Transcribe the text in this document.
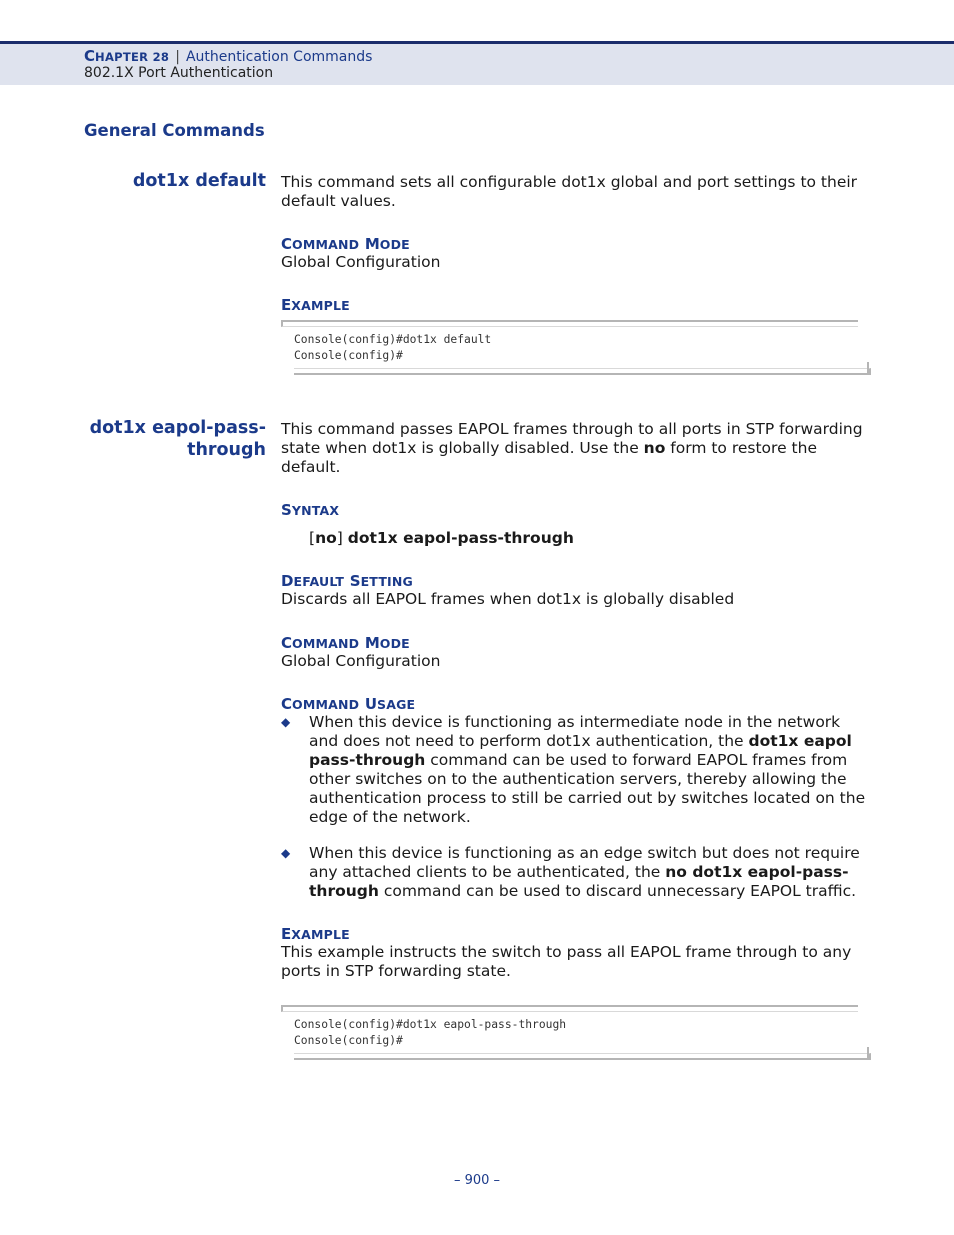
CHAPTER 28 | Authentication Commands
802.1X Port Authentication
General Commands
dot1x default This command sets all configurable dot1x global and port settings to their default values.
COMMAND MODE
Global Configuration
EXAMPLE
Console(config)#dot1x default
Console(config)#
dot1x eapol-pass-
through
This command passes EAPOL frames through to all ports in STP forwarding state when dot1x is globally disabled. Use the no form to restore the default.
SYNTAX
[no] dot1x eapol-pass-through
DEFAULT SETTING
Discards all EAPOL frames when dot1x is globally disabled
COMMAND MODE
Global Configuration
COMMAND USAGE
◆ When this device is functioning as intermediate node in the network and does not need to perform dot1x authentication, the dot1x eapol pass-through command can be used to forward EAPOL frames from other switches on to the authentication servers, thereby allowing the authentication process to still be carried out by switches located on the edge of the network.
◆ When this device is functioning as an edge switch but does not require any attached clients to be authenticated, the no dot1x eapol-pass-through command can be used to discard unnecessary EAPOL traffic.
EXAMPLE
This example instructs the switch to pass all EAPOL frame through to any ports in STP forwarding state.
Console(config)#dot1x eapol-pass-through
Console(config)#
– 900 –
